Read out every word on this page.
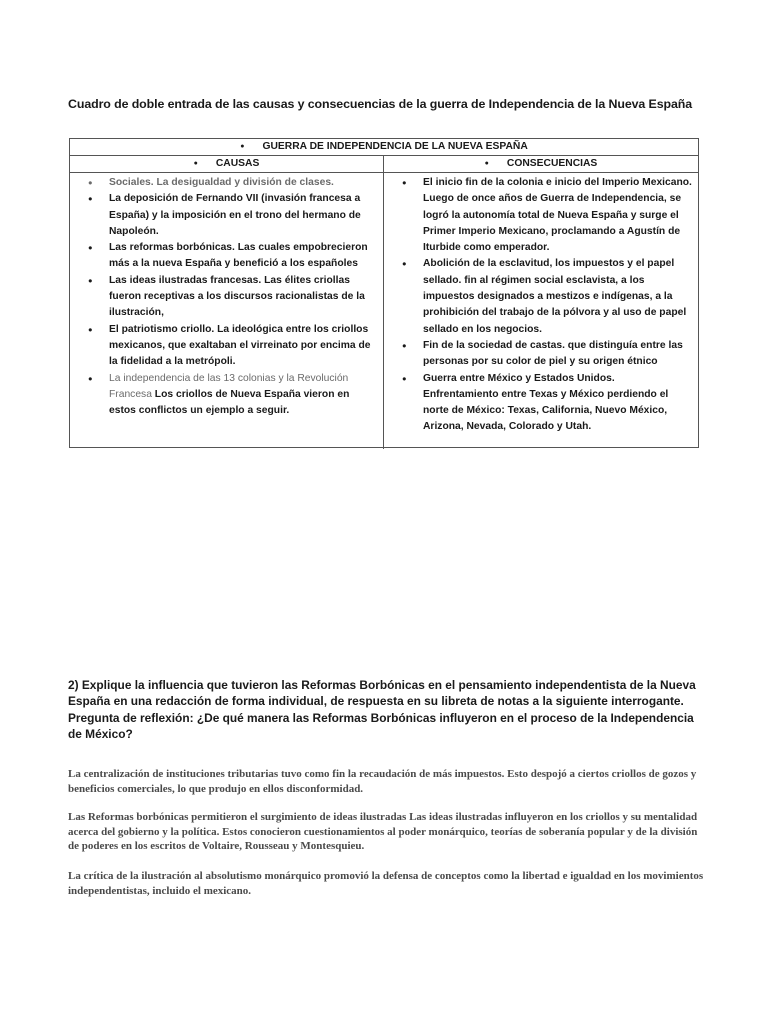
Cuadro de doble entrada de las causas y consecuencias de la guerra de Independencia de la Nueva España
● GUERRA DE INDEPENDENCIA DE LA NUEVA ESPAÑA
● CAUSAS	● CONSECUENCIAS
● Sociales. La desigualdad y división de clases.
● La deposición de Fernando VII (invasión francesa a España) y la imposición en el trono del hermano de Napoleón.
● Las reformas borbónicas. Las cuales empobrecieron más a la nueva España y benefició a los españoles
● Las ideas ilustradas francesas. Las élites criollas fueron receptivas a los discursos racionalistas de la ilustración,
● El patriotismo criollo. La ideológica entre los criollos mexicanos, que exaltaban el virreinato por encima de la fidelidad a la metrópoli.
● La independencia de las 13 colonias y la Revolución Francesa Los criollos de Nueva España vieron en estos conflictos un ejemplo a seguir.
● El inicio fin de la colonia e inicio del Imperio Mexicano. Luego de once años de Guerra de Independencia, se logró la autonomía total de Nueva España y surge el Primer Imperio Mexicano, proclamando a Agustín de Iturbide como emperador.
● Abolición de la esclavitud, los impuestos y el papel sellado. fin al régimen social esclavista, a los impuestos designados a mestizos e indígenas, a la prohibición del trabajo de la pólvora y al uso de papel sellado en los negocios.
● Fin de la sociedad de castas. que distinguía entre las personas por su color de piel y su origen étnico
● Guerra entre México y Estados Unidos. Enfrentamiento entre Texas y México perdiendo el norte de México: Texas, California, Nuevo México, Arizona, Nevada, Colorado y Utah.
2) Explique la influencia que tuvieron las Reformas Borbónicas en el pensamiento independentista de la Nueva España en una redacción de forma individual, de respuesta en su libreta de notas a la siguiente interrogante. Pregunta de reflexión: ¿De qué manera las Reformas Borbónicas influyeron en el proceso de la Independencia de México?
La centralización de instituciones tributarias tuvo como fin la recaudación de más impuestos. Esto despojó a ciertos criollos de gozos y beneficios comerciales, lo que produjo en ellos disconformidad.
Las Reformas borbónicas permitieron el surgimiento de ideas ilustradas Las ideas ilustradas influyeron en los criollos y su mentalidad acerca del gobierno y la política. Estos conocieron cuestionamientos al poder monárquico, teorías de soberanía popular y de la división de poderes en los escritos de Voltaire, Rousseau y Montesquieu.
La crítica de la ilustración al absolutismo monárquico promovió la defensa de conceptos como la libertad e igualdad en los movimientos independentistas, incluido el mexicano.
